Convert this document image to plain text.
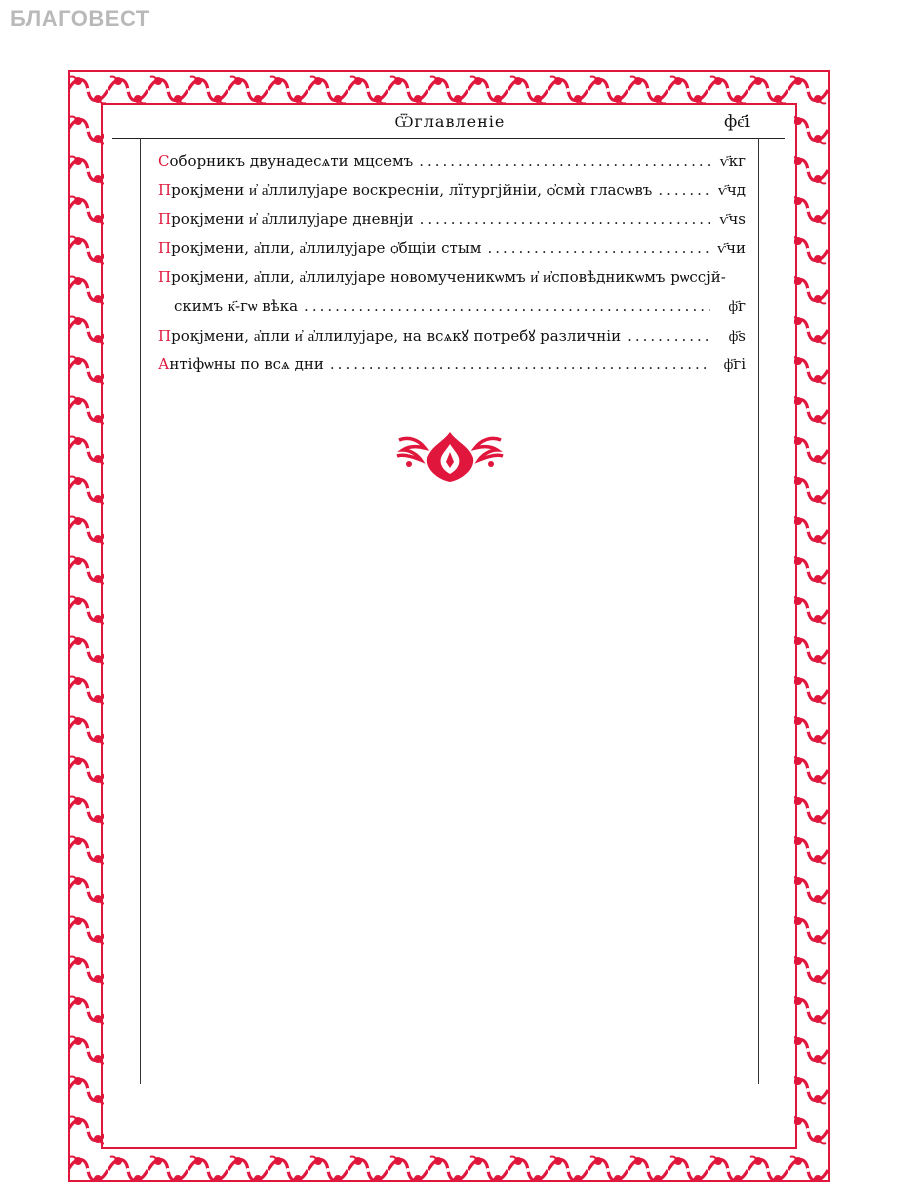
БЛАГОВЕСТ
Ѿглавлeнie	фє҃і
Собoрникъ двyнaдесѧти мцcемъ .....	ѵ҃кг
Прокjмени и҆ а҆ллилyjарe воскрeснiи, лїтургjйнiи, ѻ҆смѝ глaсѡвъ .....	ѵ҃чд
Прокjмени и҆ а҆ллилyjарe дневнjи .....	ѵ҃чѕ
Прокjмени, а҆пли, а҆ллилyjарe ѻ҆бщiи стым .....	ѵ҃чи
Прокjмени, а҆пли, а҆ллилyjарe новомyченикѡмъ и҆ и҆сповѣдникѡмъ рѡссjй-
скимъ к҃-гѡ вѣка .....	ф҃г
Прокjмени, а҆пли и҆ а҆ллилyjарe, на всѧкꙋ потрeбꙋ различнiи .....	ф҃ѕ
Антiфѡны по всѧ дни .....	ф҃гі
